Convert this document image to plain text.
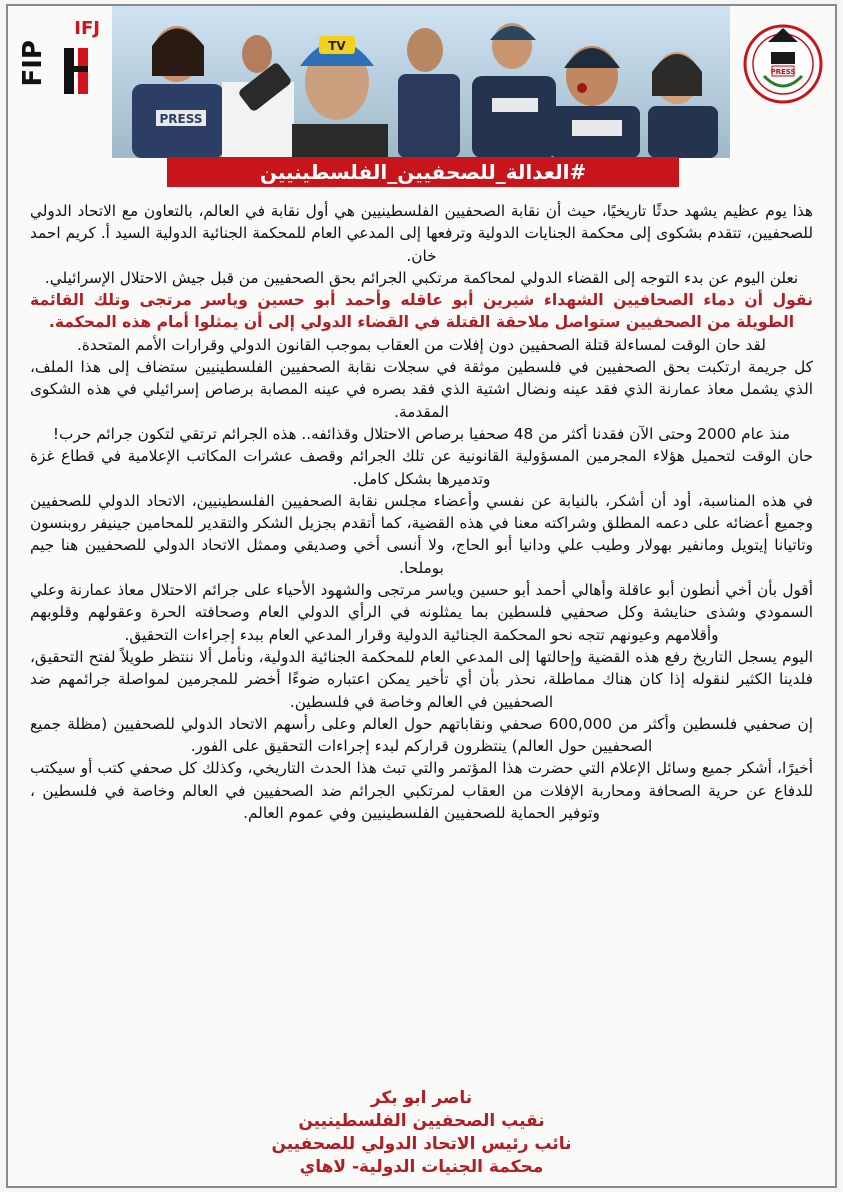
IFJ
FIP
PRESS
TV
PRESS
#العدالة_للصحفيين_الفلسطينيين

هذا يوم عظيم يشهد حدثًا تاريخيًا، حيث أن نقابة الصحفيين الفلسطينيين هي أول نقابة في العالم، بالتعاون مع الاتحاد الدولي للصحفيين، تتقدم بشكوى إلى محكمة الجنايات الدولية وترفعها إلى المدعي العام للمحكمة الجنائية الدولية السيد أ. كريم احمد خان.

نعلن اليوم عن بدء التوجه إلى القضاء الدولي لمحاكمة مرتكبي الجرائم بحق الصحفيين من قبل جيش الاحتلال الإسرائيلي.

نقول أن دماء الصحافيين الشهداء شيرين أبو عاقله وأحمد أبو حسين وياسر مرتجى وتلك القائمة الطويلة من الصحفيين ستواصل ملاحقة القتلة في القضاء الدولي إلى أن يمثلوا أمام هذه المحكمة.

لقد حان الوقت لمساءلة قتلة الصحفيين دون إفلات من العقاب بموجب القانون الدولي وقرارات الأمم المتحدة.

كل جريمة ارتكبت بحق الصحفيين في فلسطين موثقة في سجلات نقابة الصحفيين الفلسطينيين ستضاف إلى هذا الملف، الذي يشمل معاذ عمارنة الذي فقد عينه ونضال اشتية الذي فقد بصره في عينه المصابة برصاص إسرائيلي في هذه الشكوى المقدمة.

منذ عام 2000 وحتى الآن فقدنا أكثر من 48 صحفيا برصاص الاحتلال وقذائفه.. هذه الجرائم ترتقي لتكون جرائم حرب!

حان الوقت لتحميل هؤلاء المجرمين المسؤولية القانونية عن تلك الجرائم وقصف عشرات المكاتب الإعلامية في قطاع غزة وتدميرها بشكل كامل.

في هذه المناسبة، أود أن أشكر، بالنيابة عن نفسي وأعضاء مجلس نقابة الصحفيين الفلسطينيين، الاتحاد الدولي للصحفيين وجميع أعضائه على دعمه المطلق وشراكته معنا في هذه القضية، كما أتقدم بجزيل الشكر والتقدير للمحامين جينيفر روبنسون وتاتيانا إيتويل ومانفير بهولار وطيب علي ودانيا أبو الحاج، ولا أنسى أخي وصديقي وممثل الاتحاد الدولي للصحفيين هنا جيم بوملحا.

أقول بأن أخي أنطون أبو عاقلة وأهالي أحمد أبو حسين وياسر مرتجى والشهود الأحياء على جرائم الاحتلال معاذ عمارنة وعلي السمودي وشذى حنايشة وكل صحفيي فلسطين بما يمثلونه في الرأي الدولي العام وصحافته الحرة وعقولهم وقلوبهم وأقلامهم وعيونهم تتجه نحو المحكمة الجنائية الدولية وقرار المدعي العام ببدء إجراءات التحقيق.

اليوم يسجل التاريخ رفع هذه القضية وإحالتها إلى المدعي العام للمحكمة الجنائية الدولية، ونأمل ألا ننتظر طويلاً لفتح التحقيق، فلدينا الكثير لنقوله إذا كان هناك مماطلة، نحذر بأن أي تأخير يمكن اعتباره ضوءًا أخضر للمجرمين لمواصلة جرائمهم ضد الصحفيين في العالم وخاصة في فلسطين.

إن صحفيي فلسطين وأكثر من 600,000 صحفي ونقاباتهم حول العالم وعلى رأسهم الاتحاد الدولي للصحفيين (مظلة جميع الصحفيين حول العالم) ينتظرون قراركم لبدء إجراءات التحقيق على الفور.

أخيرًا، أشكر جميع وسائل الإعلام التي حضرت هذا المؤتمر والتي تبث هذا الحدث التاريخي، وكذلك كل صحفي كتب أو سيكتب للدفاع عن حرية الصحافة ومحاربة الإفلات من العقاب لمرتكبي الجرائم ضد الصحفيين في العالم وخاصة في فلسطين ، وتوفير الحماية للصحفيين الفلسطينيين وفي عموم العالم.

ناصر ابو بكر
نقيب الصحفيين الفلسطينيين
نائب رئيس الاتحاد الدولي للصحفيين
محكمة الجنيات الدولية- لاهاي
